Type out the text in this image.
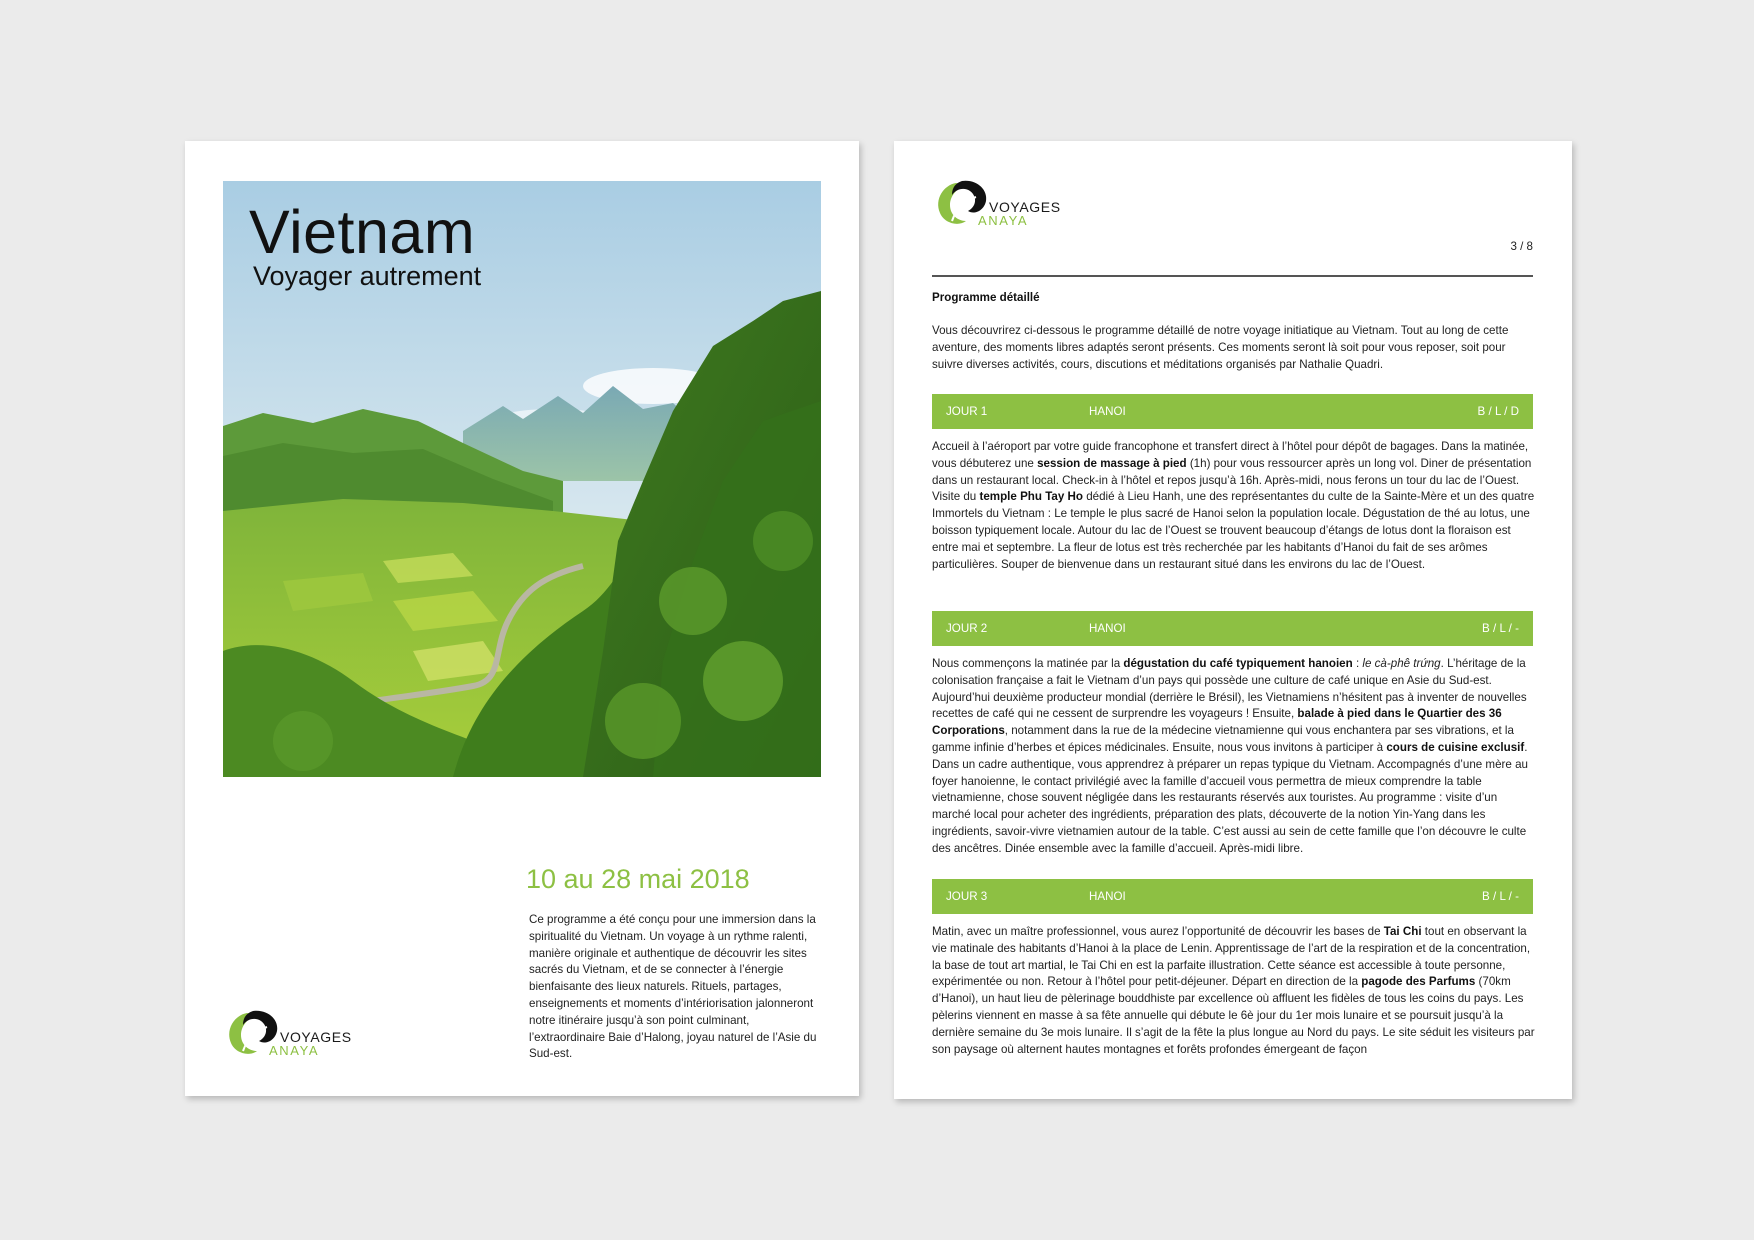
Vietnam
Voyager autrement
10 au 28 mai 2018
Ce programme a été conçu pour une immersion dans la spiritualité du Vietnam. Un voyage à un rythme ralenti, manière originale et authentique de découvrir les sites sacrés du Vietnam, et de se connecter à l’énergie bienfaisante des lieux naturels. Rituels, partages, enseignements et moments d’intériorisation jalonneront notre itinéraire jusqu’à son point culminant, l’extraordinaire Baie d’Halong, joyau naturel de l’Asie du Sud-est.
VOYAGES
ANAYA
VOYAGES
ANAYA
3 / 8
Programme détaillé
Vous découvrirez ci-dessous le programme détaillé de notre voyage initiatique au Vietnam. Tout au long de cette aventure, des moments libres adaptés seront présents. Ces moments seront là soit pour vous reposer, soit pour suivre diverses activités, cours, discutions et méditations organisés par Nathalie Quadri.
JOUR 1	HANOI	B / L / D
Accueil à l’aéroport par votre guide francophone et transfert direct à l’hôtel pour dépôt de bagages. Dans la matinée, vous débuterez une session de massage à pied (1h) pour vous ressourcer après un long vol. Diner de présentation dans un restaurant local. Check-in à l’hôtel et repos jusqu’à 16h. Après-midi, nous ferons un tour du lac de l’Ouest. Visite du temple Phu Tay Ho dédié à Lieu Hanh, une des représentantes du culte de la Sainte-Mère et un des quatre Immortels du Vietnam : Le temple le plus sacré de Hanoi selon la population locale. Dégustation de thé au lotus, une boisson typiquement locale. Autour du lac de l’Ouest se trouvent beaucoup d’étangs de lotus dont la floraison est entre mai et septembre. La fleur de lotus est très recherchée par les habitants d’Hanoi du fait de ses arômes particulières. Souper de bienvenue dans un restaurant situé dans les environs du lac de l’Ouest.
JOUR 2	HANOI	B / L / -
Nous commençons la matinée par la dégustation du café typiquement hanoien : le cà-phê trứng. L’héritage de la colonisation française a fait le Vietnam d’un pays qui possède une culture de café unique en Asie du Sud-est. Aujourd’hui deuxième producteur mondial (derrière le Brésil), les Vietnamiens n’hésitent pas à inventer de nouvelles recettes de café qui ne cessent de surprendre les voyageurs ! Ensuite, balade à pied dans le Quartier des 36 Corporations, notamment dans la rue de la médecine vietnamienne qui vous enchantera par ses vibrations, et la gamme infinie d’herbes et épices médicinales. Ensuite, nous vous invitons à participer à cours de cuisine exclusif. Dans un cadre authentique, vous apprendrez à préparer un repas typique du Vietnam. Accompagnés d’une mère au foyer hanoienne, le contact privilégié avec la famille d’accueil vous permettra de mieux comprendre la table vietnamienne, chose souvent négligée dans les restaurants réservés aux touristes. Au programme : visite d’un marché local pour acheter des ingrédients, préparation des plats, découverte de la notion Yin-Yang dans les ingrédients, savoir-vivre vietnamien autour de la table. C’est aussi au sein de cette famille que l’on découvre le culte des ancêtres. Dinée ensemble avec la famille d’accueil. Après-midi libre.
JOUR 3	HANOI	B / L / -
Matin, avec un maître professionnel, vous aurez l’opportunité de découvrir les bases de Tai Chi tout en observant la vie matinale des habitants d’Hanoi à la place de Lenin. Apprentissage de l’art de la respiration et de la concentration, la base de tout art martial, le Tai Chi en est la parfaite illustration. Cette séance est accessible à toute personne, expérimentée ou non. Retour à l’hôtel pour petit-déjeuner. Départ en direction de la pagode des Parfums (70km d’Hanoi), un haut lieu de pèlerinage bouddhiste par excellence où affluent les fidèles de tous les coins du pays. Les pèlerins viennent en masse à sa fête annuelle qui débute le 6è jour du 1er mois lunaire et se poursuit jusqu’à la dernière semaine du 3e mois lunaire. Il s’agit de la fête la plus longue au Nord du pays. Le site séduit les visiteurs par son paysage où alternent hautes montagnes et forêts profondes émergeant de façon
